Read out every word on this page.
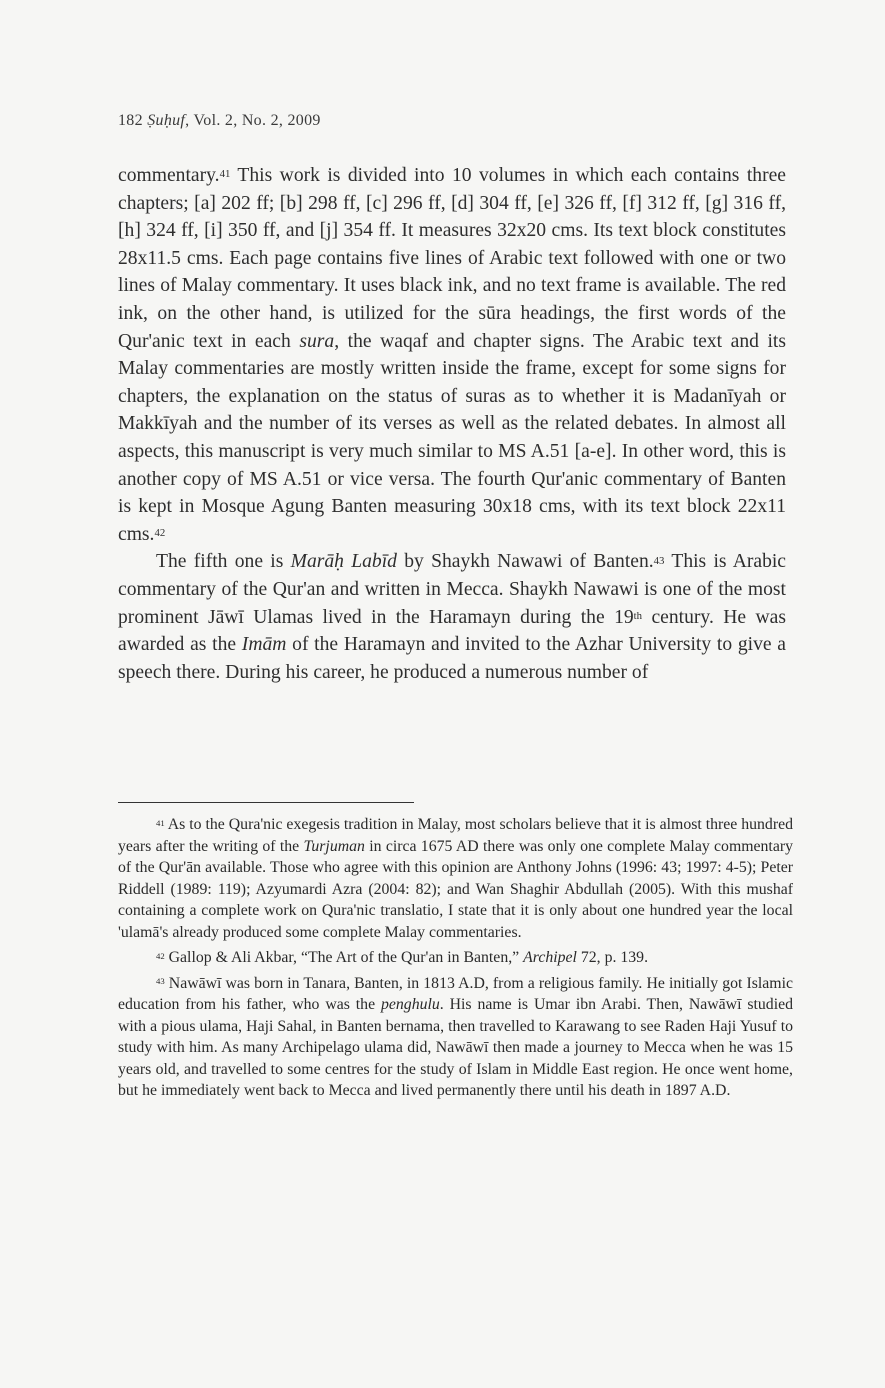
182 Ṣuḥuf, Vol. 2, No. 2, 2009

commentary.$^{41}$ This work is divided into 10 volumes in which each contains three chapters; [a] 202 ff; [b] 298 ff, [c] 296 ff, [d] 304 ff, [e] 326 ff, [f] 312 ff, [g] 316 ff, [h] 324 ff, [i] 350 ff, and [j] 354 ff. It measures 32x20 cms. Its text block constitutes 28x11.5 cms. Each page contains five lines of Arabic text followed with one or two lines of Malay commentary. It uses black ink, and no text frame is available. The red ink, on the other hand, is utilized for the sūra headings, the first words of the Qur'anic text in each sura, the waqaf and chapter signs. The Arabic text and its Malay commentaries are mostly written inside the frame, except for some signs for chapters, the explanation on the status of suras as to whether it is Madanīyah or Makkīyah and the number of its verses as well as the related debates. In almost all aspects, this manuscript is very much similar to MS A.51 [a-e]. In other word, this is another copy of MS A.51 or vice versa. The fourth Qur'anic commentary of Banten is kept in Mosque Agung Banten measuring 30x18 cms, with its text block 22x11 cms.$^{42}$

The fifth one is Marāḥ Labīd by Shaykh Nawawi of Banten.$^{43}$ This is Arabic commentary of the Qur'an and written in Mecca. Shaykh Nawawi is one of the most prominent Jāwī Ulamas lived in the Haramayn during the 19th century. He was awarded as the Imām of the Haramayn and invited to the Azhar University to give a speech there. During his career, he produced a numerous number of

$^{41}$ As to the Qura'nic exegesis tradition in Malay, most scholars believe that it is almost three hundred years after the writing of the Turjuman in circa 1675 AD there was only one complete Malay commentary of the Qur'ān available. Those who agree with this opinion are Anthony Johns (1996: 43; 1997: 4-5); Peter Riddell (1989: 119); Azyumardi Azra (2004: 82); and Wan Shaghir Abdullah (2005). With this mushaf containing a complete work on Qura'nic translatio, I state that it is only about one hundred year the local 'ulamā's already produced some complete Malay commentaries.

$^{42}$ Gallop & Ali Akbar, “The Art of the Qur'an in Banten,” Archipel 72, p. 139.

$^{43}$ Nawāwī was born in Tanara, Banten, in 1813 A.D, from a religious family. He initially got Islamic education from his father, who was the penghulu. His name is Umar ibn Arabi. Then, Nawāwī studied with a pious ulama, Haji Sahal, in Banten bernama, then travelled to Karawang to see Raden Haji Yusuf to study with him. As many Archipelago ulama did, Nawāwī then made a journey to Mecca when he was 15 years old, and travelled to some centres for the study of Islam in Middle East region. He once went home, but he immediately went back to Mecca and lived permanently there until his death in 1897 A.D.
